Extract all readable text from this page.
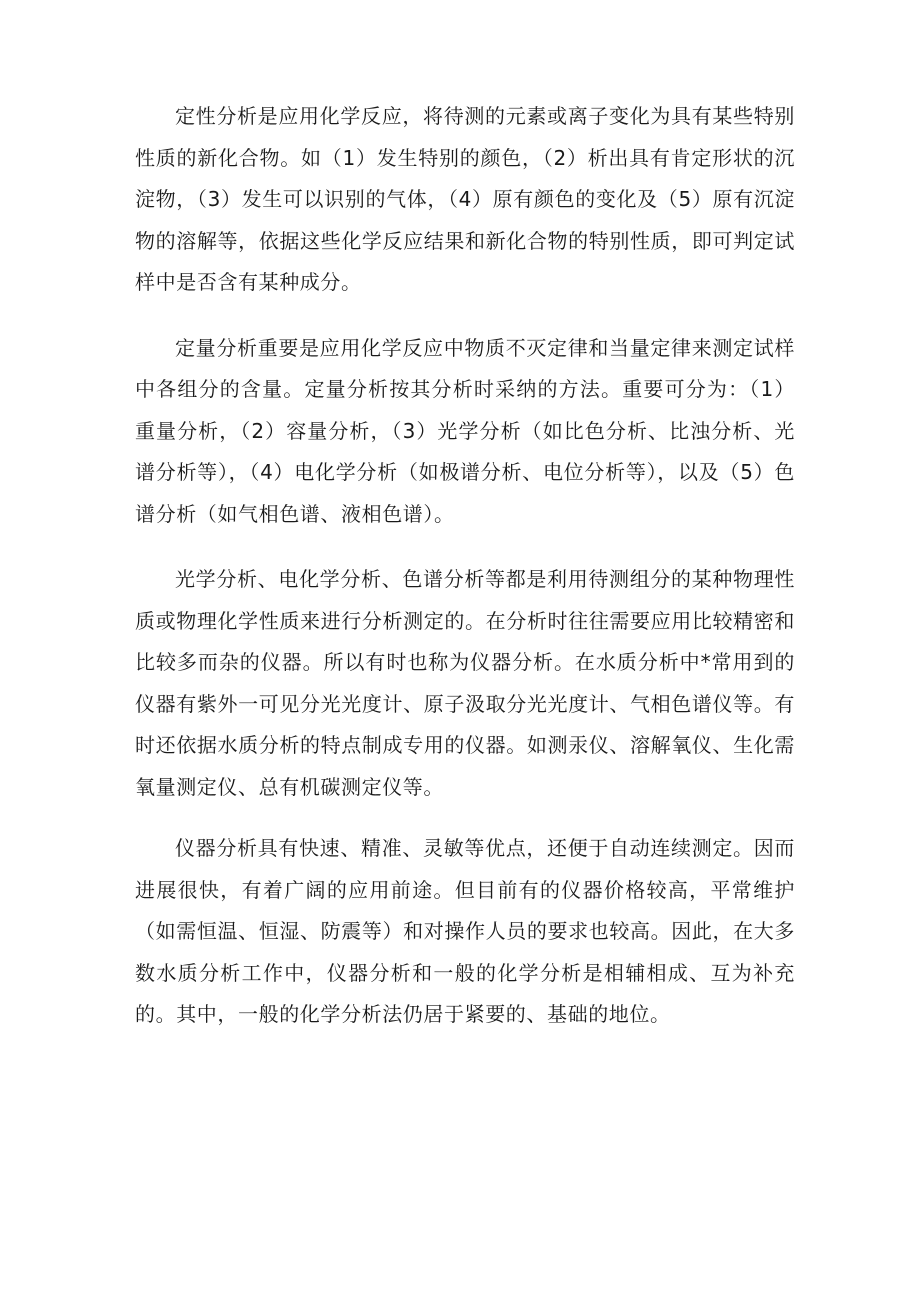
定性分析是应用化学反应，将待测的元素或离子变化为具有某些特别性质的新化合物。如（1）发生特别的颜色，（2）析出具有肯定形状的沉淀物，（3）发生可以识别的气体，（4）原有颜色的变化及（5）原有沉淀物的溶解等，依据这些化学反应结果和新化合物的特别性质，即可判定试样中是否含有某种成分。

定量分析重要是应用化学反应中物质不灭定律和当量定律来测定试样中各组分的含量。定量分析按其分析时采纳的方法。重要可分为：（1）重量分析，（2）容量分析，（3）光学分析（如比色分析、比浊分析、光谱分析等），（4）电化学分析（如极谱分析、电位分析等），以及（5）色谱分析（如气相色谱、液相色谱）。

光学分析、电化学分析、色谱分析等都是利用待测组分的某种物理性质或物理化学性质来进行分析测定的。在分析时往往需要应用比较精密和比较多而杂的仪器。所以有时也称为仪器分析。在水质分析中*常用到的仪器有紫外一可见分光光度计、原子汲取分光光度计、气相色谱仪等。有时还依据水质分析的特点制成专用的仪器。如测汞仪、溶解氧仪、生化需氧量测定仪、总有机碳测定仪等。

仪器分析具有快速、精准、灵敏等优点，还便于自动连续测定。因而进展很快，有着广阔的应用前途。但目前有的仪器价格较高，平常维护（如需恒温、恒湿、防震等）和对操作人员的要求也较高。因此，在大多数水质分析工作中，仪器分析和一般的化学分析是相辅相成、互为补充的。其中，一般的化学分析法仍居于紧要的、基础的地位。
